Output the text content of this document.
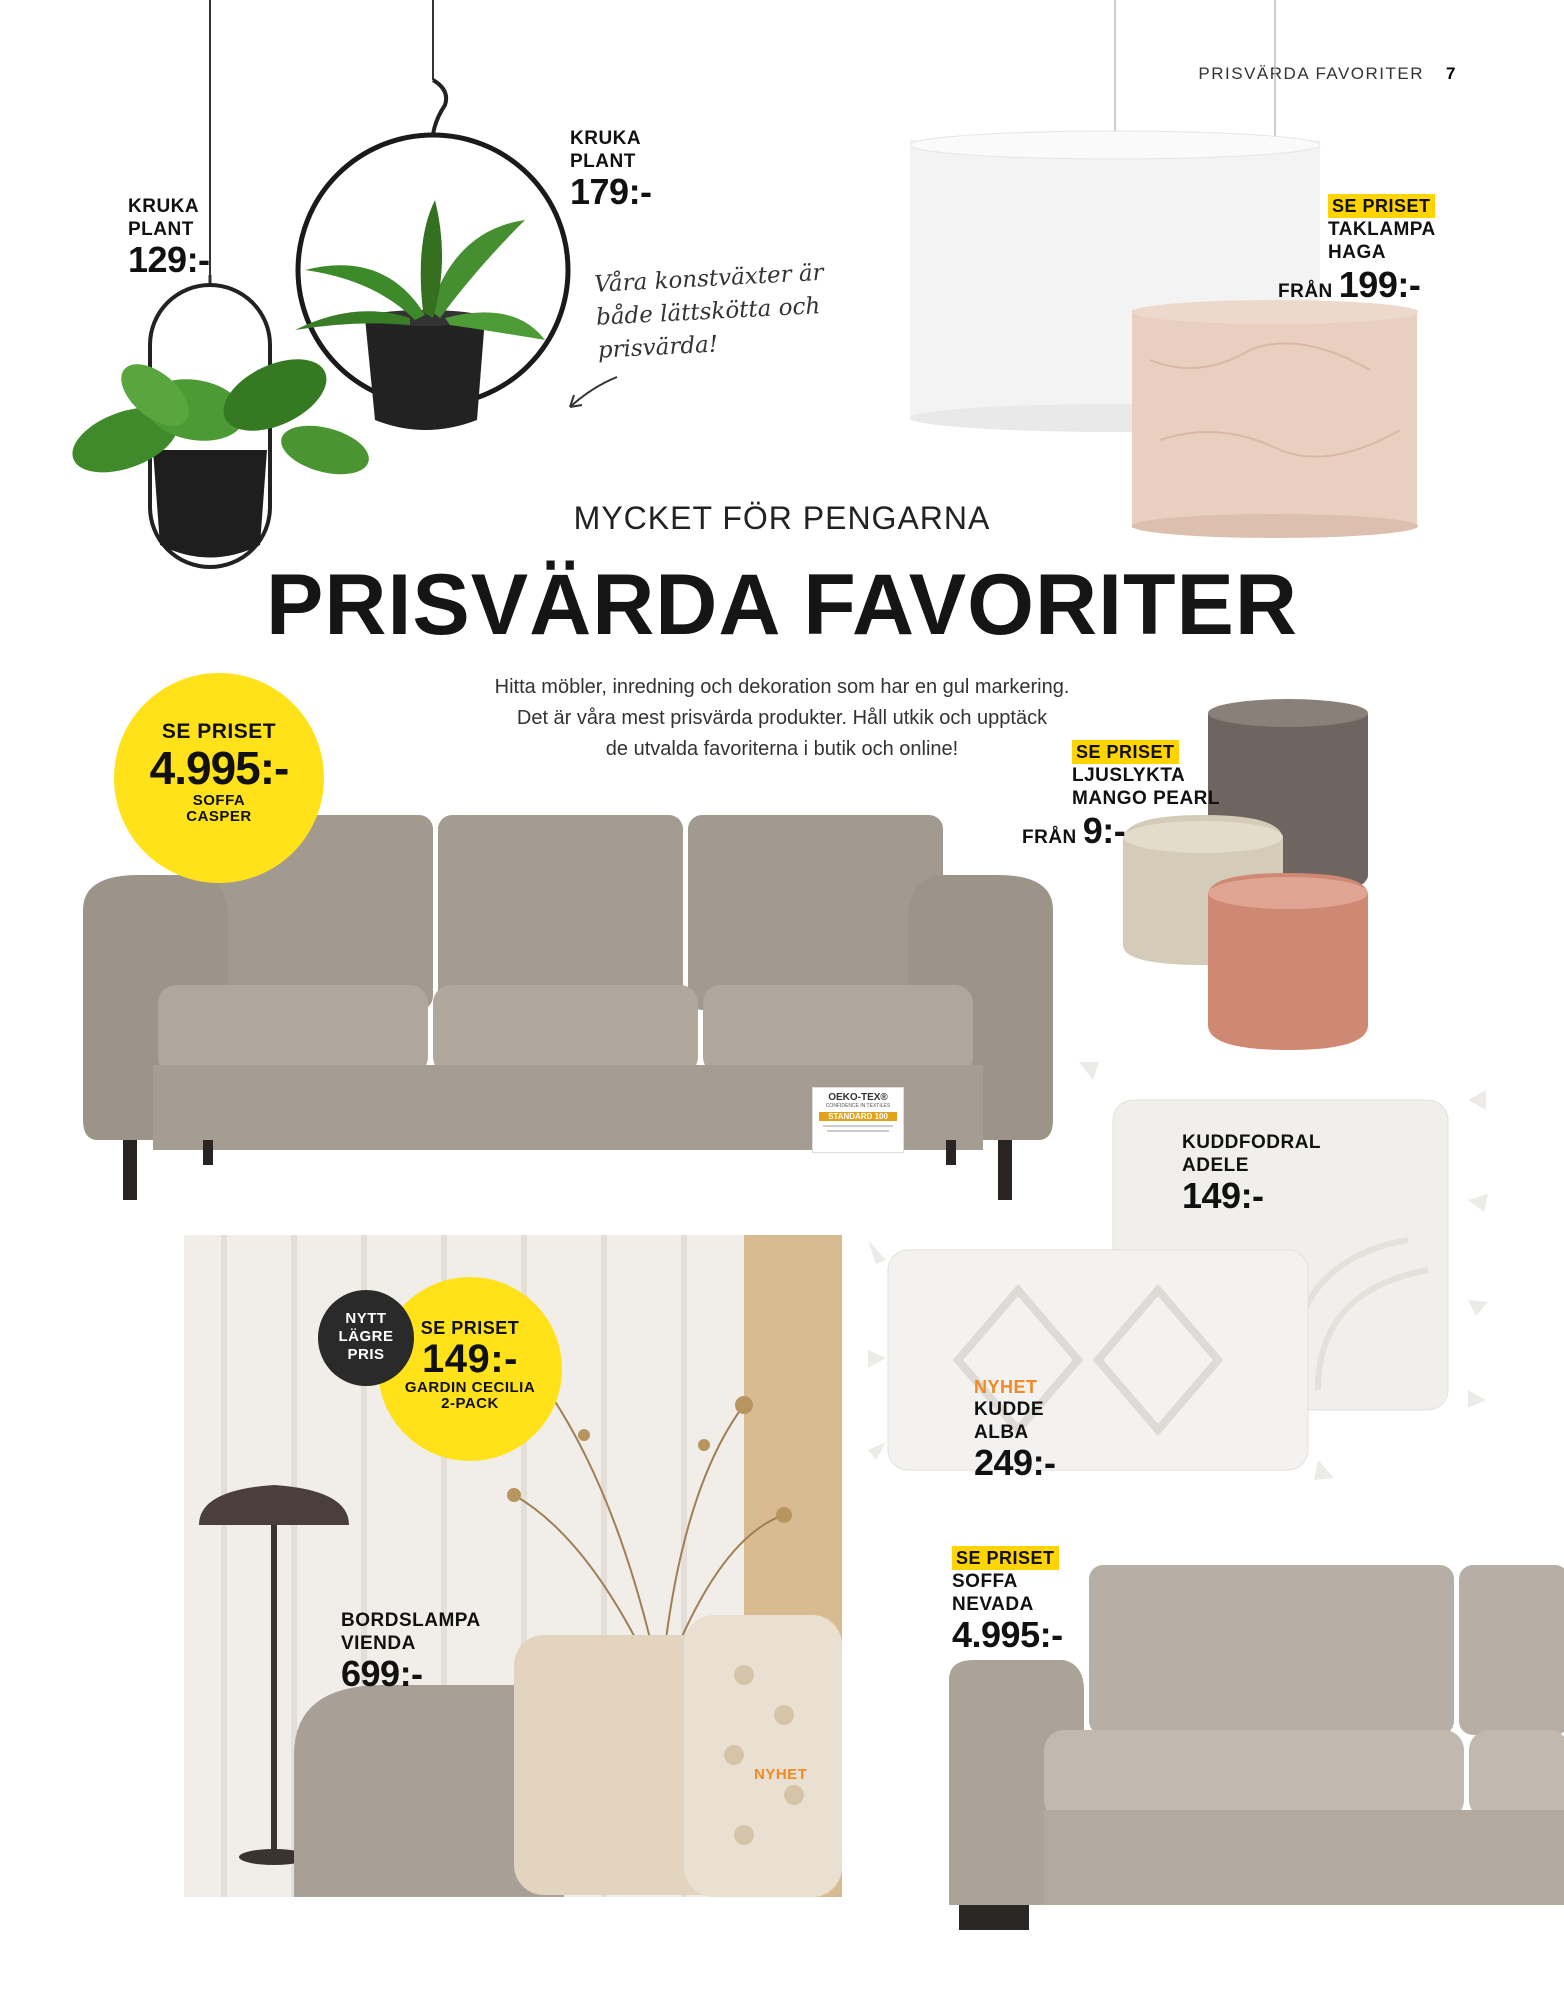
PRISVÄRDA FAVORITER 7
KRUKA
PLANT
129:-
KRUKA
PLANT
179:-
Våra konstväxter är
både lättskötta och
prisvärda!
SE PRISET
TAKLAMPA
HAGA
FRÅN 199:-
MYCKET FÖR PENGARNA
PRISVÄRDA FAVORITER
Hitta möbler, inredning och dekoration som har en gul markering.
Det är våra mest prisvärda produkter. Håll utkik och upptäck
de utvalda favoriterna i butik och online!
OEKO-TEX®
CONFIDENCE IN TEXTILES
STANDARD 100
SE PRISET
4.995:-
SOFFA
CASPER
SE PRISET
LJUSLYKTA
MANGO PEARL
FRÅN 9:-
KUDDFODRAL
ADELE
149:-
NYHET
KUDDE
ALBA
249:-
BORDSLAMPA
VIENDA
699:-
NYHET
SE PRISET
149:-
GARDIN CECILIA
2-PACK
NYTT
LÄGRE
PRIS
SE PRISET
SOFFA
NEVADA
4.995:-
